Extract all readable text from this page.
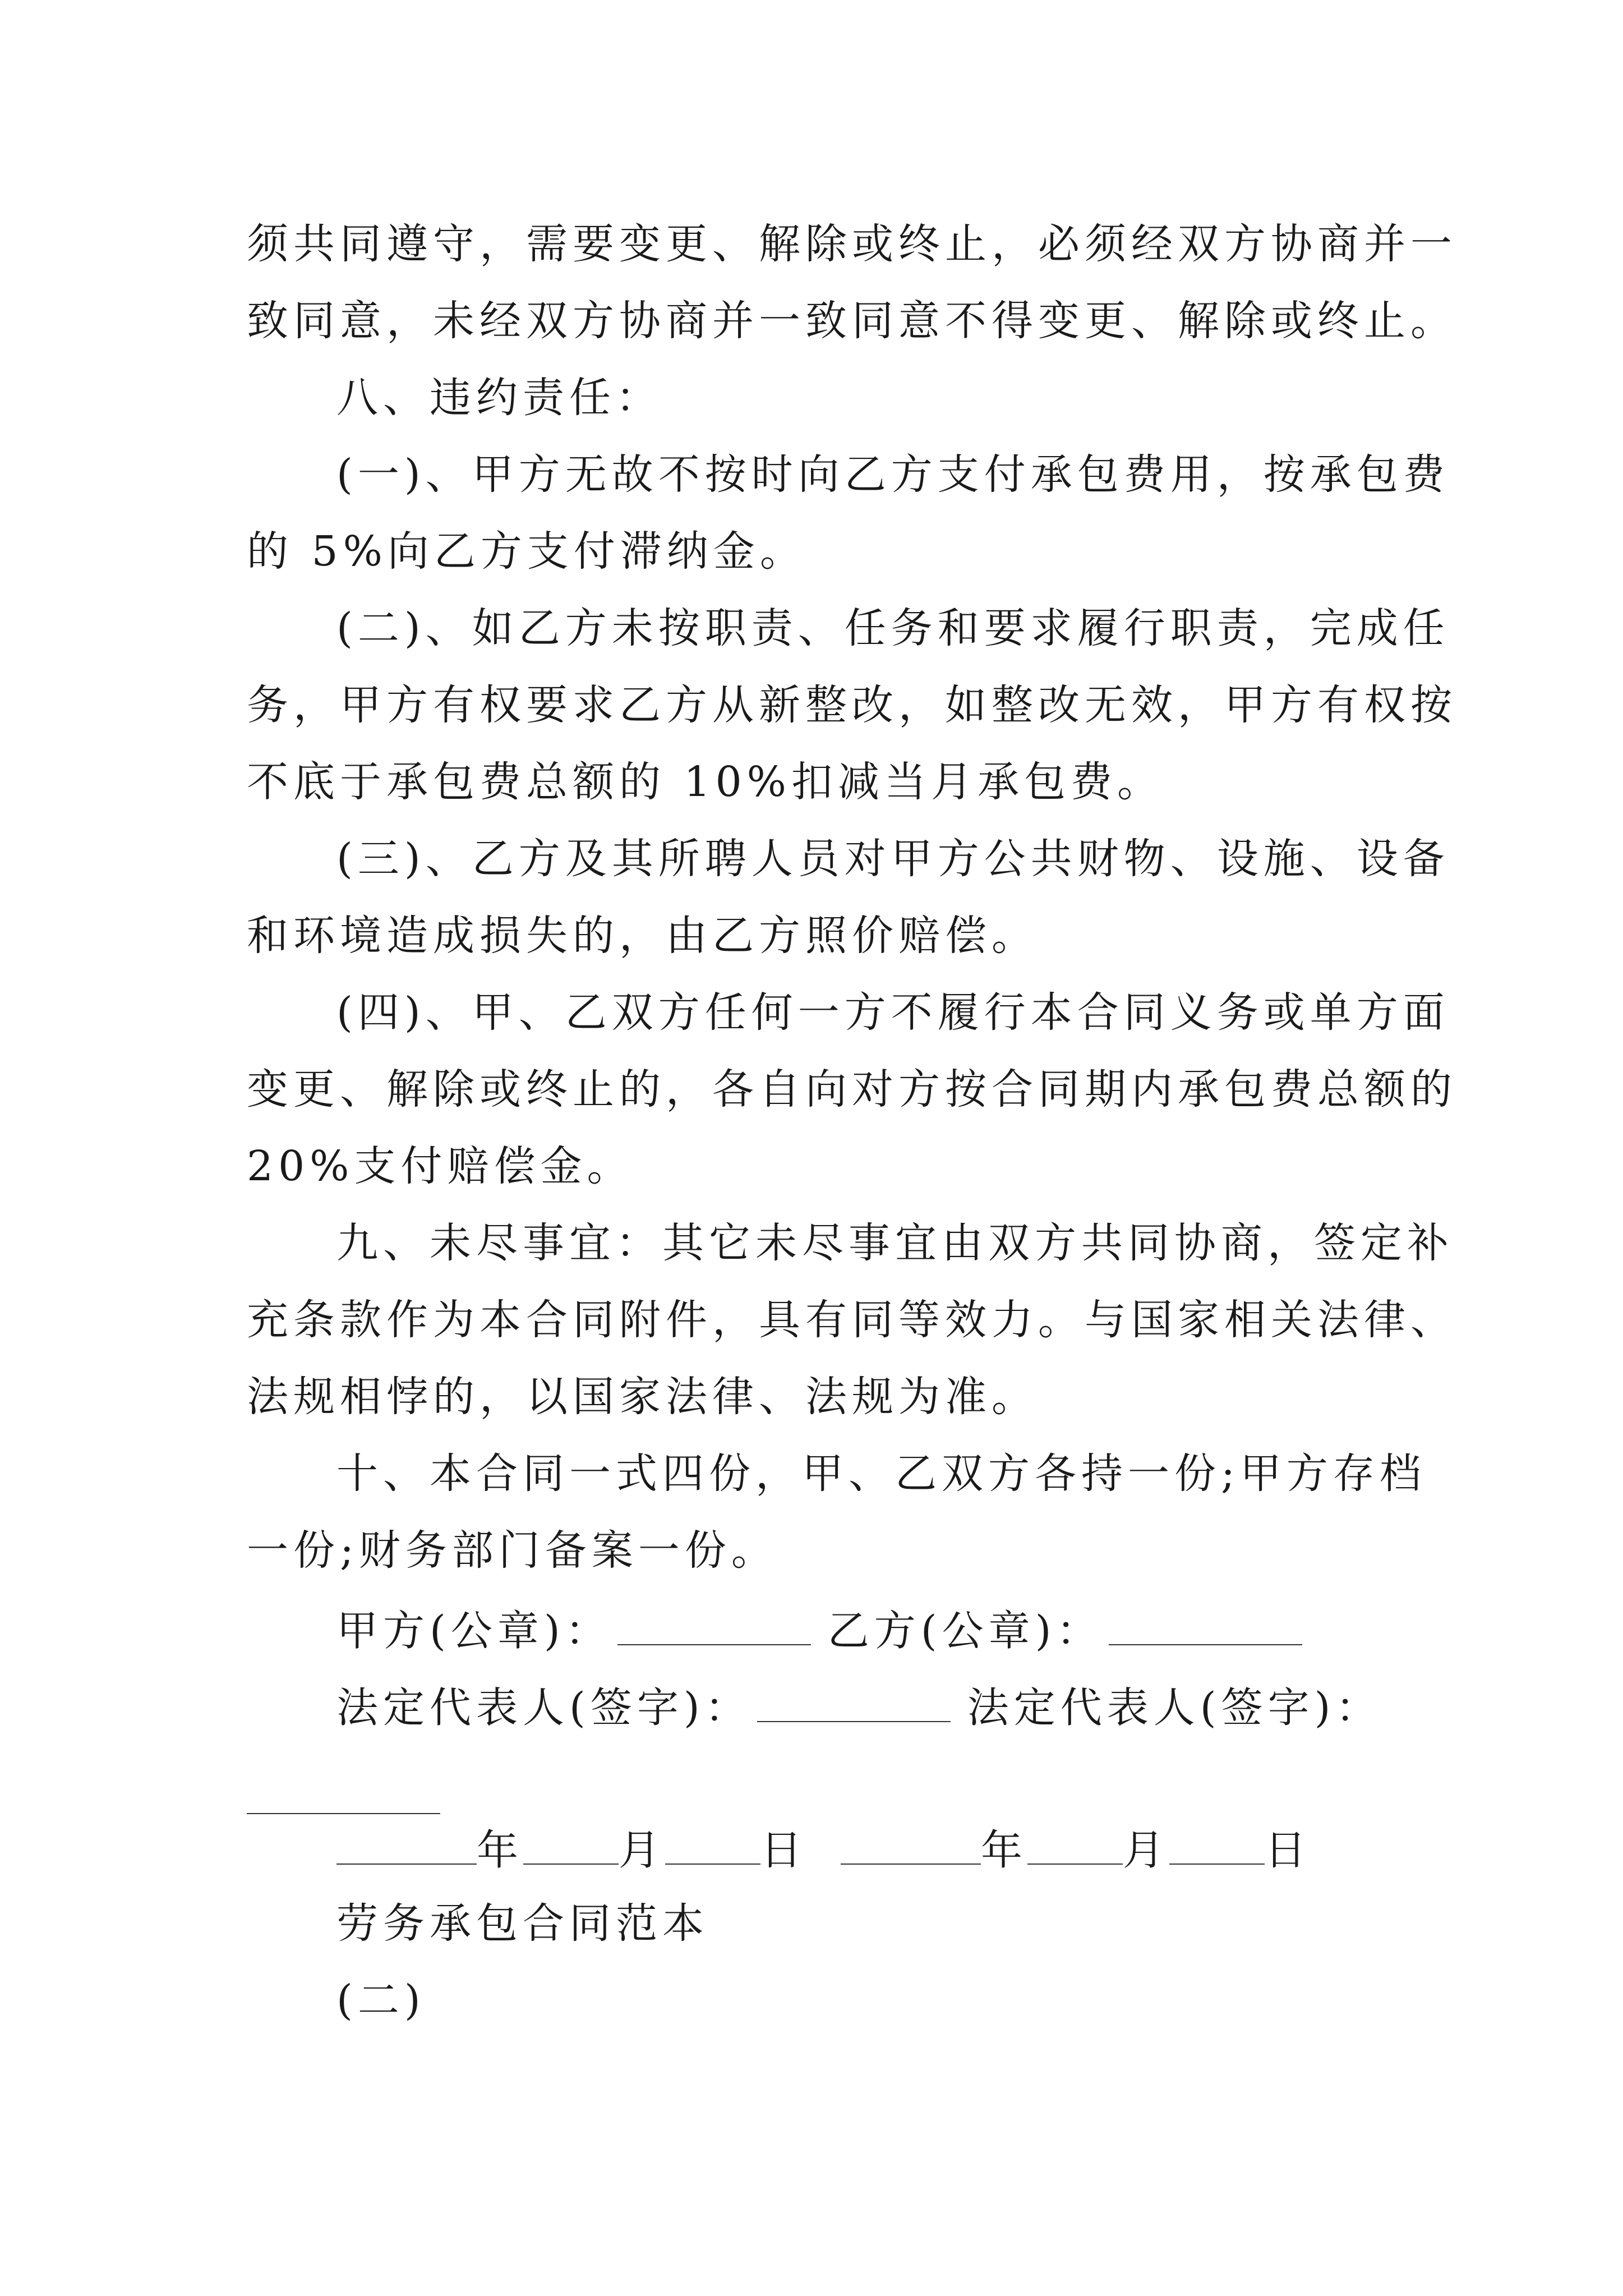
须共同遵守，需要变更、解除或终止，必须经双方协商并一
致同意，未经双方协商并一致同意不得变更、解除或终止。
八、违约责任：
(一)、甲方无故不按时向乙方支付承包费用，按承包费
的 5%向乙方支付滞纳金。
(二)、如乙方未按职责、任务和要求履行职责，完成任
务，甲方有权要求乙方从新整改，如整改无效，甲方有权按
不底于承包费总额的 10%扣减当月承包费。
(三)、乙方及其所聘人员对甲方公共财物、设施、设备
和环境造成损失的，由乙方照价赔偿。
(四)、甲、乙双方任何一方不履行本合同义务或单方面
变更、解除或终止的，各自向对方按合同期内承包费总额的
20%支付赔偿金。
九、未尽事宜：其它未尽事宜由双方共同协商，签定补
充条款作为本合同附件，具有同等效力。与国家相关法律、
法规相悖的，以国家法律、法规为准。
十、本合同一式四份，甲、乙双方各持一份;甲方存档
一份;财务部门备案一份。
甲方(公章)：	乙方(公章)：
法定代表人(签字)：	法定代表人(签字)：
年 月 日	年 月 日
劳务承包合同范本
(二)
